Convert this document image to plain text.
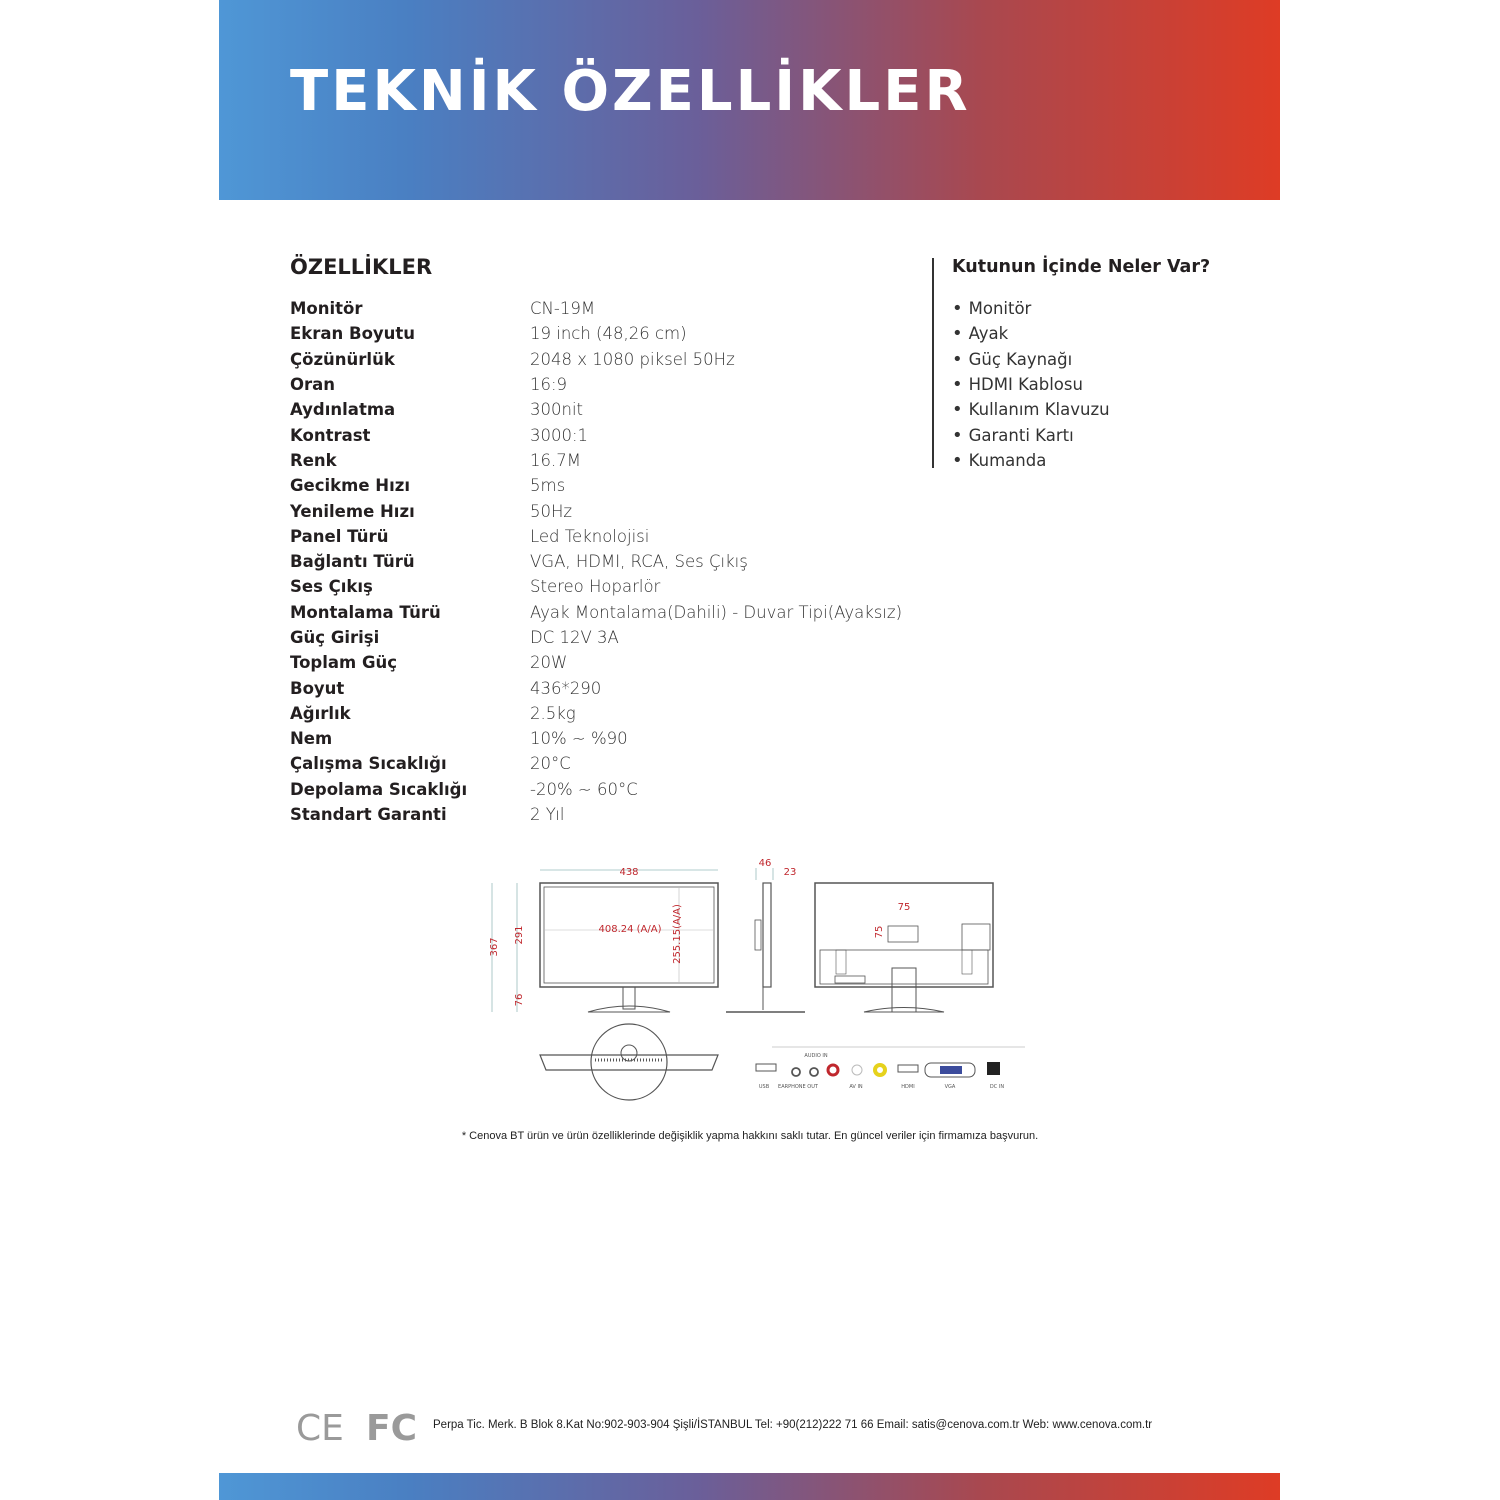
TEKNİK ÖZELLİKLER
ÖZELLİKLER
Monitör	CN-19M
Ekran Boyutu	19 inch (48,26 cm)
Çözünürlük	2048 x 1080 piksel 50Hz
Oran	16:9
Aydınlatma	300nit
Kontrast	3000:1
Renk	16.7M
Gecikme Hızı	5ms
Yenileme Hızı	50Hz
Panel Türü	Led Teknolojisi
Bağlantı Türü	VGA, HDMI, RCA, Ses Çıkış
Ses Çıkış	Stereo Hoparlör
Montalama Türü	Ayak Montalama(Dahili) - Duvar Tipi(Ayaksız)
Güç Girişi	DC 12V 3A
Toplam Güç	20W
Boyut	436*290
Ağırlık	2.5kg
Nem	10% ~ %90
Çalışma Sıcaklığı	20°C
Depolama Sıcaklığı	-20% ~ 60°C
Standart Garanti	2 Yıl
Kutunun İçinde Neler Var?
• Monitör
• Ayak
• Güç Kaynağı
• HDMI Kablosu
• Kullanım Klavuzu
• Garanti Kartı
• Kumanda
438
408.24 (A/A) 255.15(A/A)
367
291
76
46
23
75
75
AUDIO IN
USB EARPHONE OUT	AV IN	HDMI	VGA	DC IN

* Cenova BT ürün ve ürün özelliklerinde değişiklik yapma hakkını saklı tutar. En güncel veriler için firmamıza başvurun.

CE FC Perpa Tic. Merk. B Blok 8.Kat No:902-903-904 Şişli/İSTANBUL Tel: +90(212)222 71 66 Email: satis@cenova.com.tr Web: www.cenova.com.tr
